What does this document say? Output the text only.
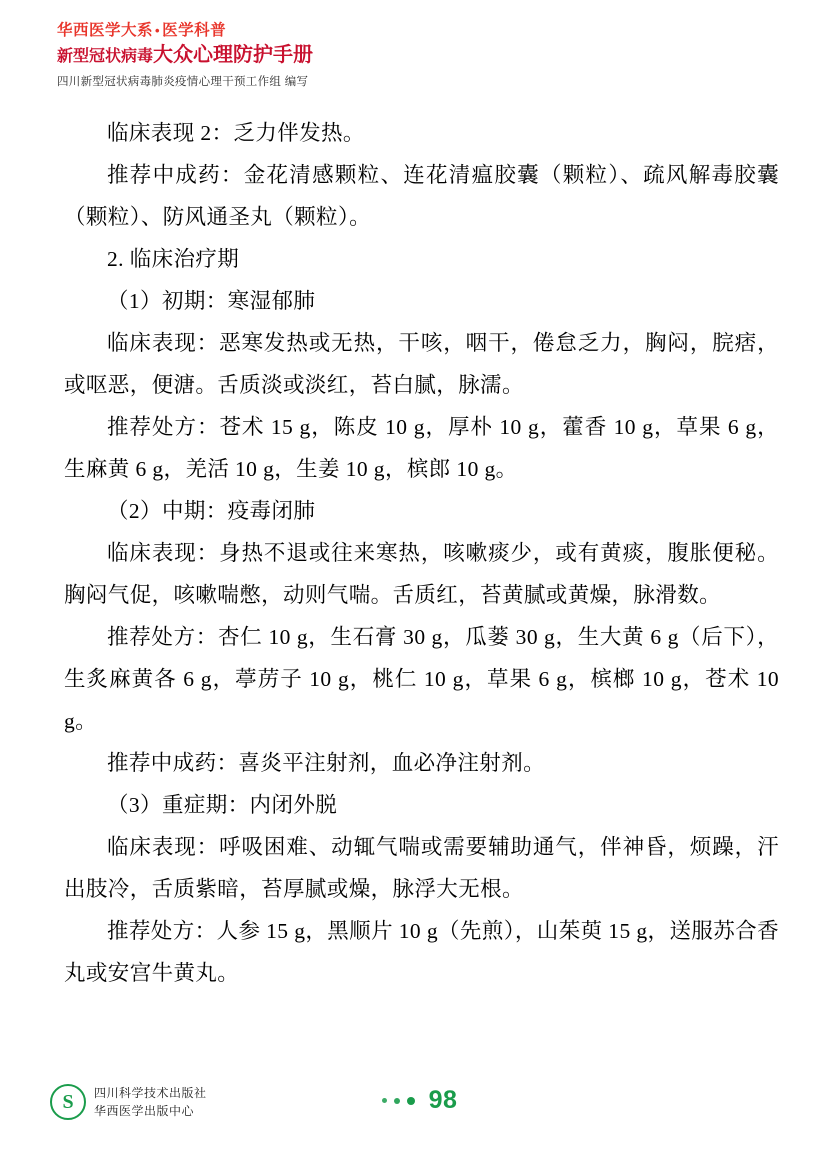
华西医学大系 • 医学科普
新型冠状病毒大众心理防护手册
四川新型冠状病毒肺炎疫情心理干预工作组 编写

临床表现 2：乏力伴发热。

推荐中成药：金花清感颗粒、连花清瘟胶囊（颗粒）、疏风解毒胶囊（颗粒）、防风通圣丸（颗粒）。

2. 临床治疗期

（1）初期：寒湿郁肺

临床表现：恶寒发热或无热，干咳，咽干，倦怠乏力，胸闷，脘痞，或呕恶，便溏。舌质淡或淡红，苔白腻，脉濡。

推荐处方：苍术 15 g，陈皮 10 g，厚朴 10 g，藿香 10 g，草果 6 g，生麻黄 6 g，羌活 10 g，生姜 10 g，槟郎 10 g。

（2）中期：疫毒闭肺

临床表现：身热不退或往来寒热，咳嗽痰少，或有黄痰，腹胀便秘。胸闷气促，咳嗽喘憋，动则气喘。舌质红，苔黄腻或黄燥，脉滑数。

推荐处方：杏仁 10 g，生石膏 30 g，瓜蒌 30 g，生大黄 6 g（后下），生炙麻黄各 6 g，葶苈子 10 g，桃仁 10 g，草果 6 g，槟榔 10 g，苍术 10 g。

推荐中成药：喜炎平注射剂，血必净注射剂。

（3）重症期：内闭外脱

临床表现：呼吸困难、动辄气喘或需要辅助通气，伴神昏，烦躁，汗出肢冷，舌质紫暗，苔厚腻或燥，脉浮大无根。

推荐处方：人参 15 g，黑顺片 10 g（先煎），山茱萸 15 g，送服苏合香丸或安宫牛黄丸。

S	四川科学技术出版社
华西医学出版中心	98
